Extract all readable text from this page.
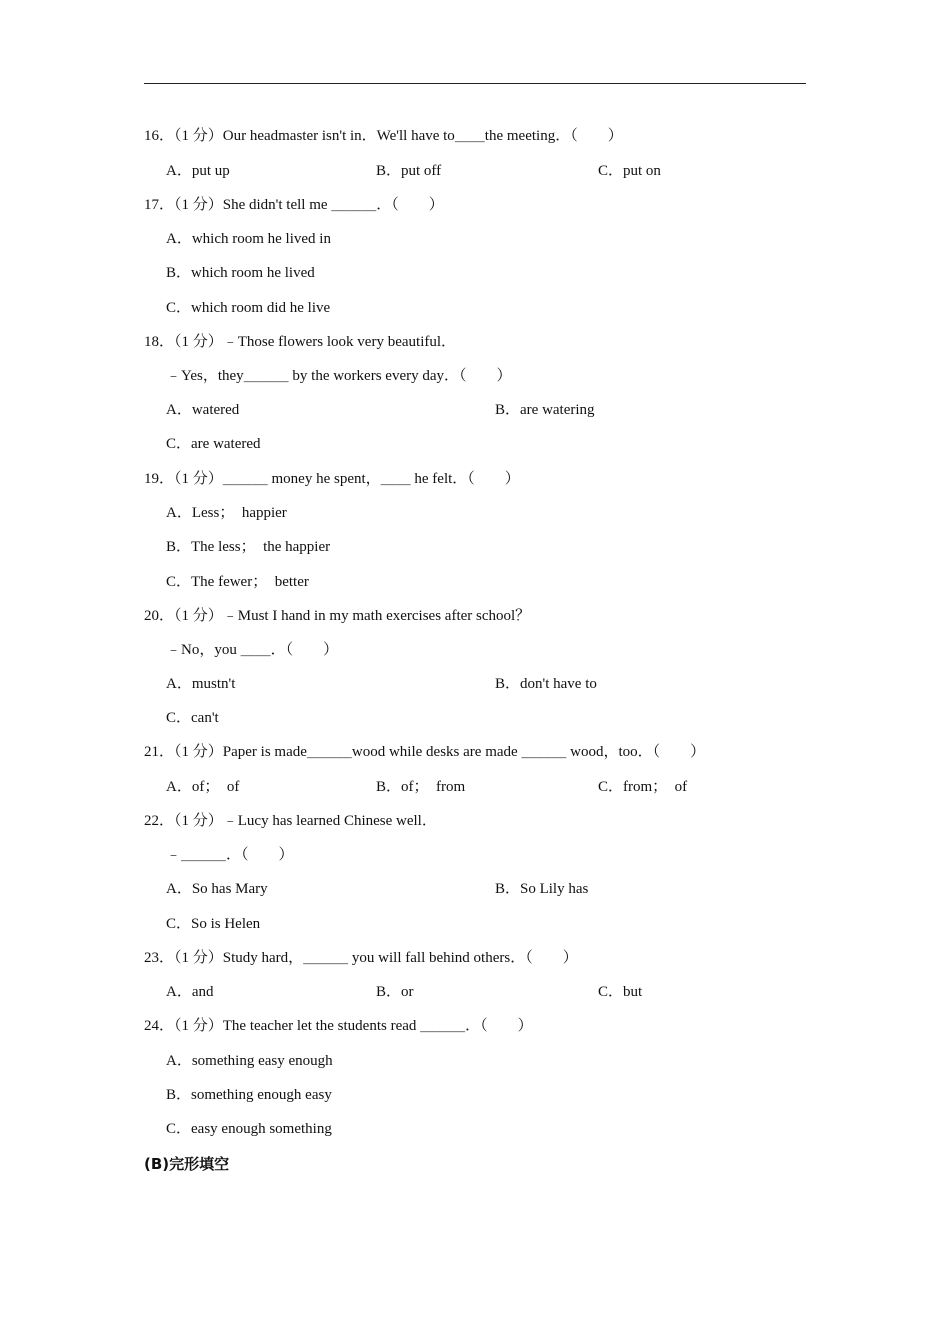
16．（1 分）Our headmaster isn't in．We'll have to＿＿the meeting．（　　）
A．put up	B．put off	C．put on
17．（1 分）She didn't tell me ＿＿＿．（　　）
A．which room he lived in
B．which room he lived
C．which room did he live
18．（1 分）﹣Those flowers look very beautiful．
﹣Yes，they＿＿＿ by the workers every day．（　　）
A．watered	B．are watering
C．are watered
19．（1 分）＿＿＿ money he spent，＿＿ he felt．（　　）
A．Less；  happier
B．The less；  the happier
C．The fewer；  better
20．（1 分）﹣Must I hand in my math exercises after school？
﹣No，you ＿＿．（　　）
A．mustn't	B．don't have to
C．can't
21．（1 分）Paper is made＿＿＿wood while desks are made ＿＿＿ wood，too．（　　）
A．of；  of	B．of；  from	C．from；  of
22．（1 分）﹣Lucy has learned Chinese well．
﹣＿＿＿．（　　）
A．So has Mary	B．So Lily has
C．So is Helen
23．（1 分）Study hard，＿＿＿ you will fall behind others．（　　）
A．and	B．or	C．but
24．（1 分）The teacher let the students read ＿＿＿．（　　）
A．something easy enough
B．something enough easy
C．easy enough something
(B)完形填空
